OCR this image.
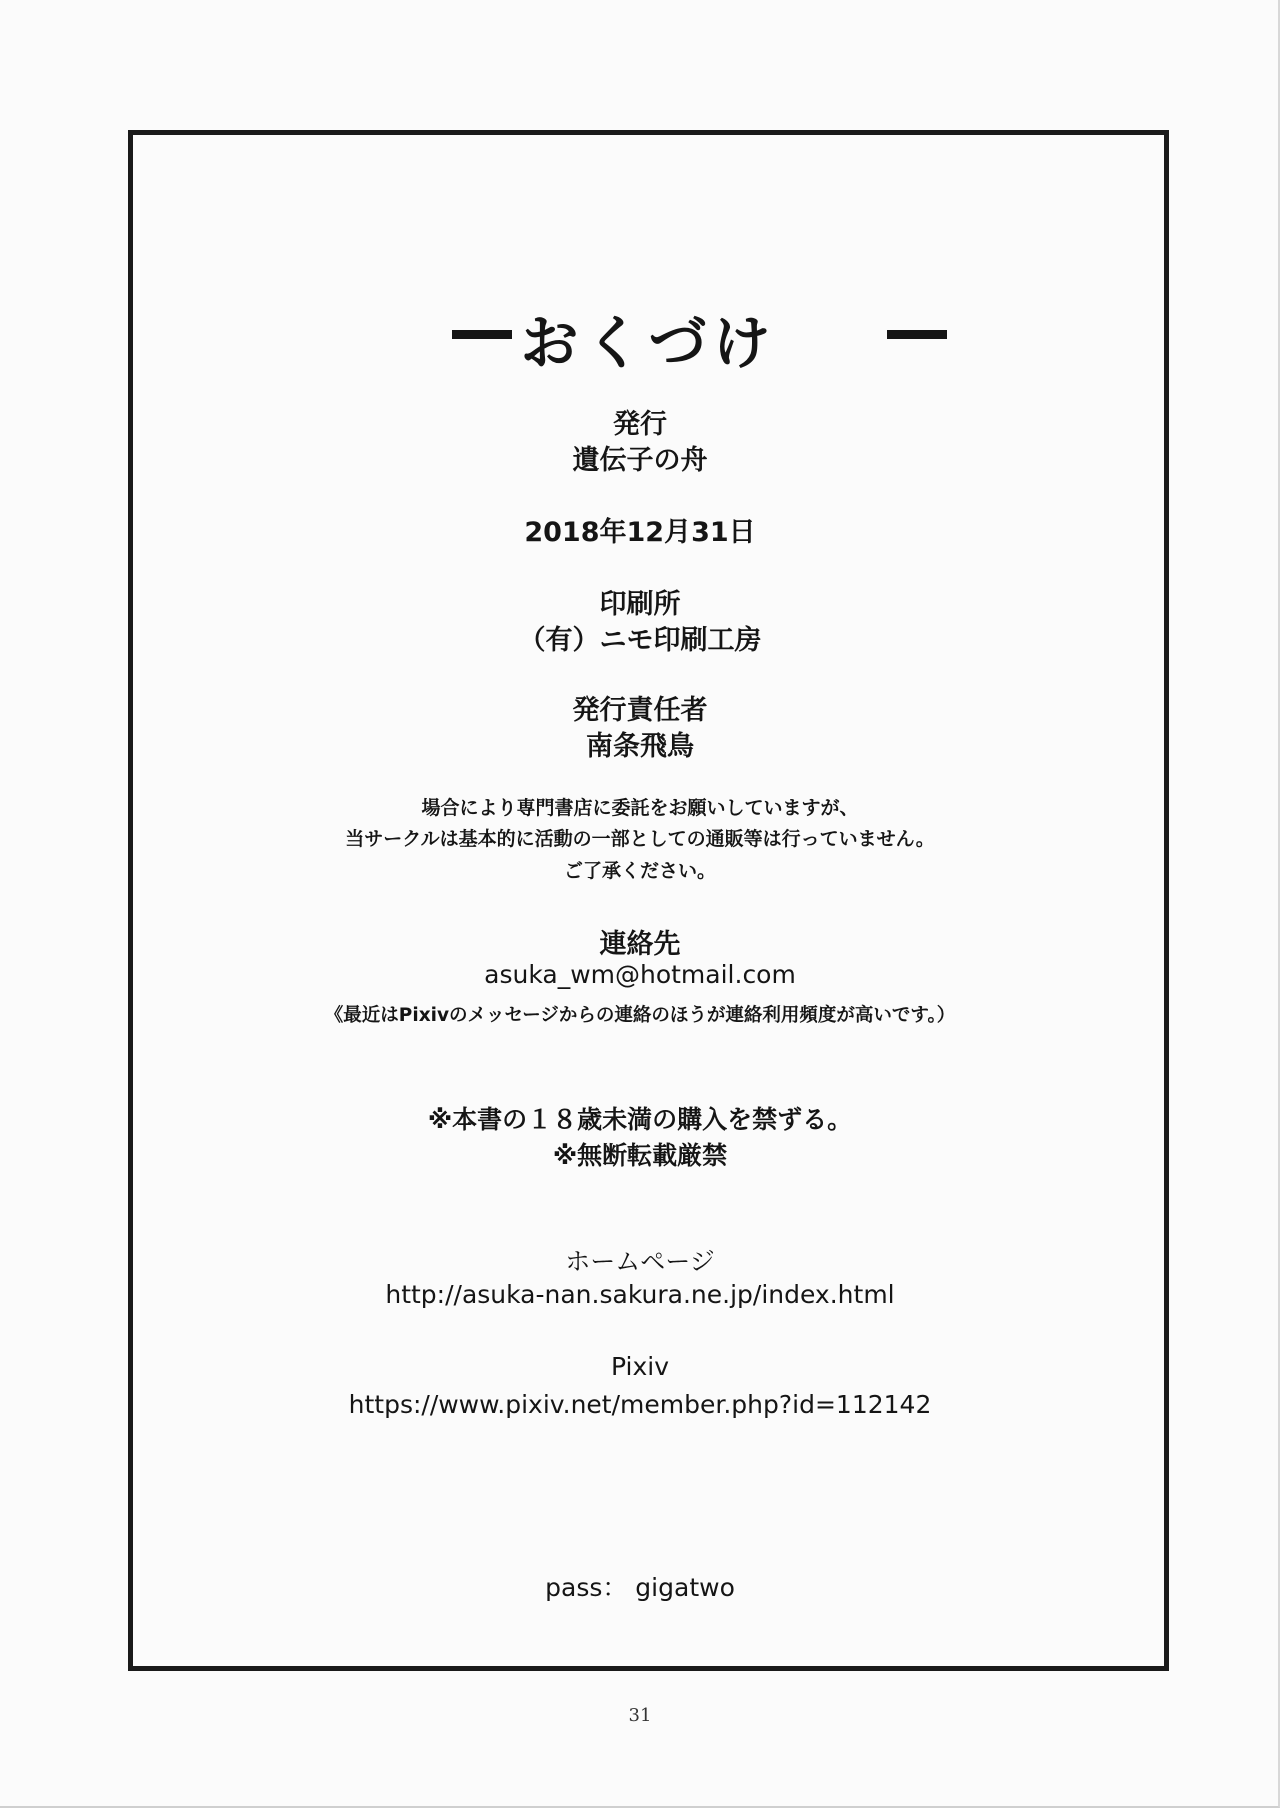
おくづけ
発行
遺伝子の舟
2018年12月31日
印刷所
（有）ニモ印刷工房
発行責任者
南条飛鳥
場合により専門書店に委託をお願いしていますが、
当サークルは基本的に活動の一部としての通販等は行っていません。
ご了承ください。
連絡先
asuka_wm@hotmail.com
《最近はPixivのメッセージからの連絡のほうが連絡利用頻度が高いです。）
※本書の１８歳未満の購入を禁ずる。
※無断転載厳禁
ホームページ
http://asuka-nan.sakura.ne.jp/index.html
Pixiv
https://www.pixiv.net/member.php?id=112142
pass： gigatwo
31
